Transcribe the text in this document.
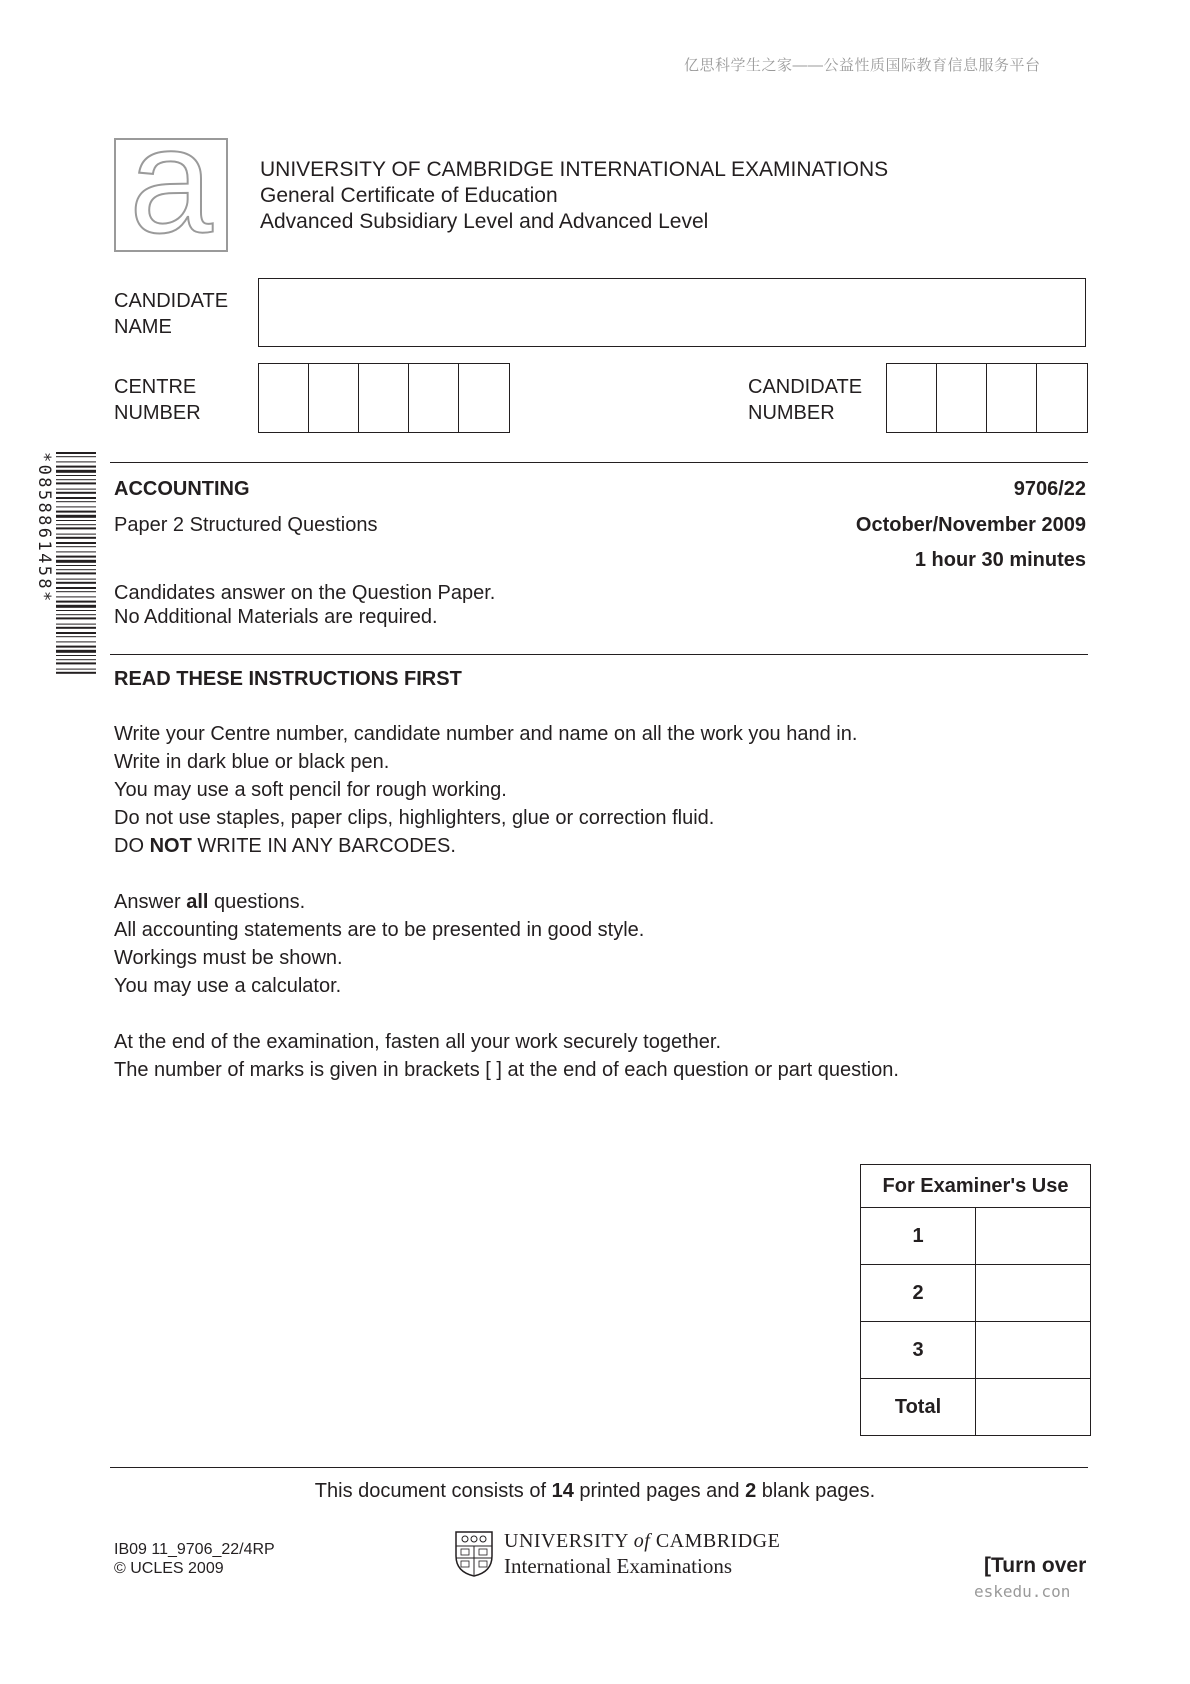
亿思科学生之家——公益性质国际教育信息服务平台
a	UNIVERSITY OF CAMBRIDGE INTERNATIONAL EXAMINATIONS
General Certificate of Education
Advanced Subsidiary Level and Advanced Level
CANDIDATE
NAME
CENTRE
NUMBER
CANDIDATE
NUMBER
*0858861458*	ACCOUNTING	9706/22
Paper 2 Structured Questions	October/November 2009
1 hour 30 minutes
Candidates answer on the Question Paper.
No Additional Materials are required.
READ THESE INSTRUCTIONS FIRST
Write your Centre number, candidate number and name on all the work you hand in.
Write in dark blue or black pen.
You may use a soft pencil for rough working.
Do not use staples, paper clips, highlighters, glue or correction fluid.
DO NOT WRITE IN ANY BARCODES.
Answer all questions.
All accounting statements are to be presented in good style.
Workings must be shown.
You may use a calculator.
At the end of the examination, fasten all your work securely together.
The number of marks is given in brackets [ ] at the end of each question or part question.
For Examiner's Use	
1	
2	
3	
Total	
This document consists of 14 printed pages and 2 blank pages.
IB09 11_9706_22/4RP
© UCLES 2009
UNIVERSITY of CAMBRIDGE
International Examinations	[Turn over
eskedu.con
